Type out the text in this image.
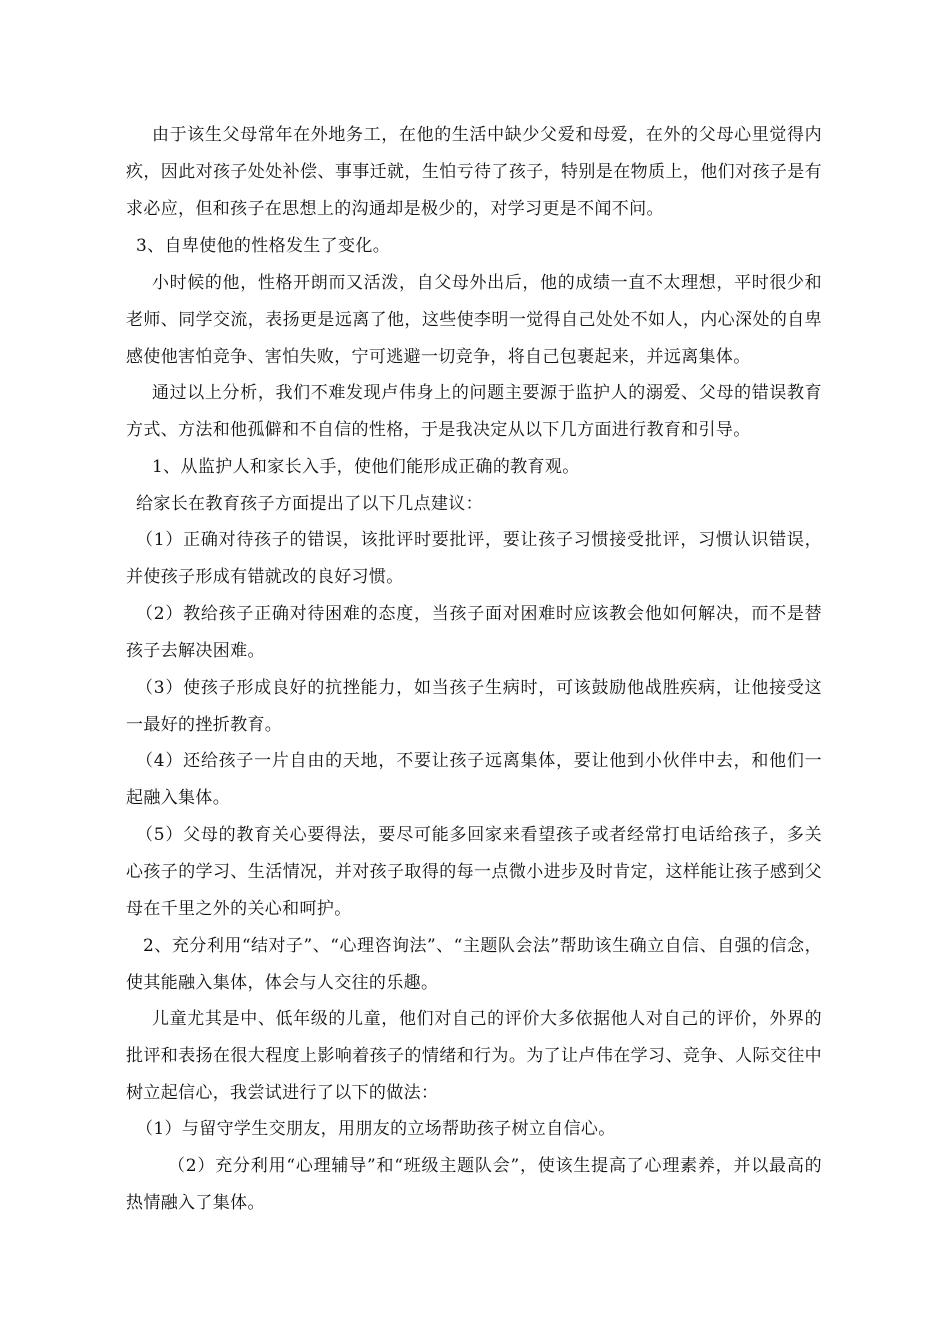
由于该生父母常年在外地务工，在他的生活中缺少父爱和母爱，在外的父母心里觉得内疚，因此对孩子处处补偿、事事迁就，生怕亏待了孩子，特别是在物质上，他们对孩子是有求必应，但和孩子在思想上的沟通却是极少的，对学习更是不闻不问。

3、自卑使他的性格发生了变化。

小时候的他，性格开朗而又活泼，自父母外出后，他的成绩一直不太理想，平时很少和老师、同学交流，表扬更是远离了他，这些使李明一觉得自己处处不如人，内心深处的自卑感使他害怕竞争、害怕失败，宁可逃避一切竞争，将自己包裹起来，并远离集体。

通过以上分析，我们不难发现卢伟身上的问题主要源于监护人的溺爱、父母的错误教育方式、方法和他孤僻和不自信的性格，于是我决定从以下几方面进行教育和引导。

1、从监护人和家长入手，使他们能形成正确的教育观。

给家长在教育孩子方面提出了以下几点建议：

（1）正确对待孩子的错误，该批评时要批评，要让孩子习惯接受批评，习惯认识错误，并使孩子形成有错就改的良好习惯。

（2）教给孩子正确对待困难的态度，当孩子面对困难时应该教会他如何解决，而不是替孩子去解决困难。

（3）使孩子形成良好的抗挫能力，如当孩子生病时，可该鼓励他战胜疾病，让他接受这一最好的挫折教育。

（4）还给孩子一片自由的天地，不要让孩子远离集体，要让他到小伙伴中去，和他们一起融入集体。

（5）父母的教育关心要得法，要尽可能多回家来看望孩子或者经常打电话给孩子，多关心孩子的学习、生活情况，并对孩子取得的每一点微小进步及时肯定，这样能让孩子感到父母在千里之外的关心和呵护。

2、充分利用“结对子”、“心理咨询法”、“主题队会法”帮助该生确立自信、自强的信念，使其能融入集体，体会与人交往的乐趣。

儿童尤其是中、低年级的儿童，他们对自己的评价大多依据他人对自己的评价，外界的批评和表扬在很大程度上影响着孩子的情绪和行为。为了让卢伟在学习、竞争、人际交往中树立起信心，我尝试进行了以下的做法：

（1）与留守学生交朋友，用朋友的立场帮助孩子树立自信心。

（2）充分利用“心理辅导”和“班级主题队会”，使该生提高了心理素养，并以最高的热情融入了集体。
